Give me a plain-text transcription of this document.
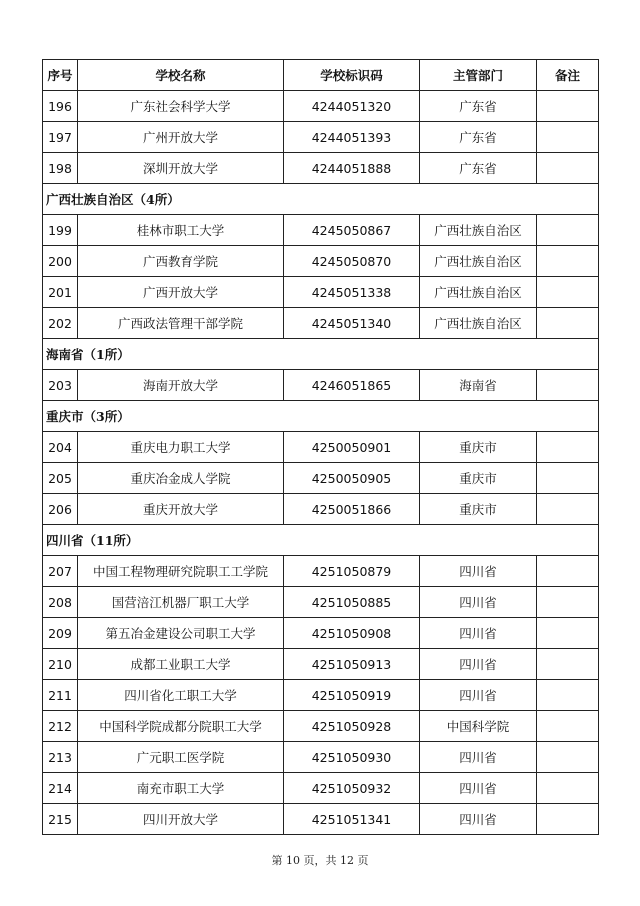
序号	学校名称	学校标识码	主管部门	备注
196	广东社会科学大学	4244051320	广东省	
197	广州开放大学	4244051393	广东省	
198	深圳开放大学	4244051888	广东省	
广西壮族自治区（4所）				
199	桂林市职工大学	4245050867	广西壮族自治区	
200	广西教育学院	4245050870	广西壮族自治区	
201	广西开放大学	4245051338	广西壮族自治区	
202	广西政法管理干部学院	4245051340	广西壮族自治区	
海南省（1所）				
203	海南开放大学	4246051865	海南省	
重庆市（3所）				
204	重庆电力职工大学	4250050901	重庆市	
205	重庆冶金成人学院	4250050905	重庆市	
206	重庆开放大学	4250051866	重庆市	
四川省（11所）				
207	中国工程物理研究院职工工学院	4251050879	四川省	
208	国营涪江机器厂职工大学	4251050885	四川省	
209	第五冶金建设公司职工大学	4251050908	四川省	
210	成都工业职工大学	4251050913	四川省	
211	四川省化工职工大学	4251050919	四川省	
212	中国科学院成都分院职工大学	4251050928	中国科学院	
213	广元职工医学院	4251050930	四川省	
214	南充市职工大学	4251050932	四川省	
215	四川开放大学	4251051341	四川省	
第 10 页，共 12 页
